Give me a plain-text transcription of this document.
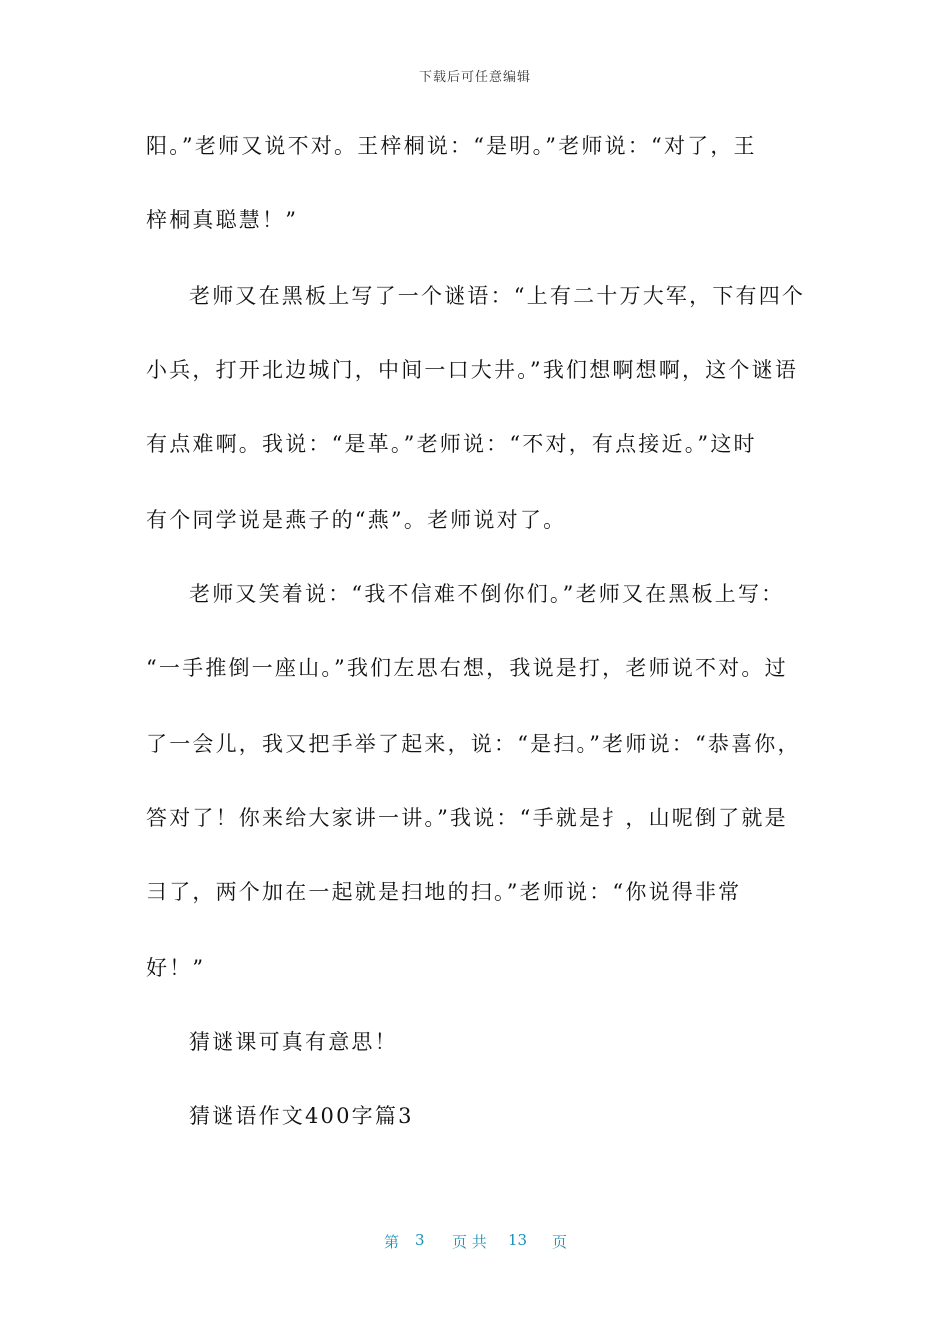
下载后可任意编辑
阳。”老师又说不对。王梓桐说：“是明。”老师说：“对了，王
梓桐真聪慧！”
老师又在黑板上写了一个谜语：“上有二十万大军，下有四个
小兵，打开北边城门，中间一口大井。”我们想啊想啊，这个谜语
有点难啊。我说：“是革。”老师说：“不对，有点接近。”这时
有个同学说是燕子的“燕”。老师说对了。
老师又笑着说：“我不信难不倒你们。”老师又在黑板上写：
“一手推倒一座山。”我们左思右想，我说是打，老师说不对。过
了一会儿，我又把手举了起来，说：“是扫。”老师说：“恭喜你，
答对了！你来给大家讲一讲。”我说：“手就是扌，山呢倒了就是
彐了，两个加在一起就是扫地的扫。”老师说：“你说得非常
好！”
猜谜课可真有意思！
猜谜语作文400字篇3
第 3 页 共 13 页
